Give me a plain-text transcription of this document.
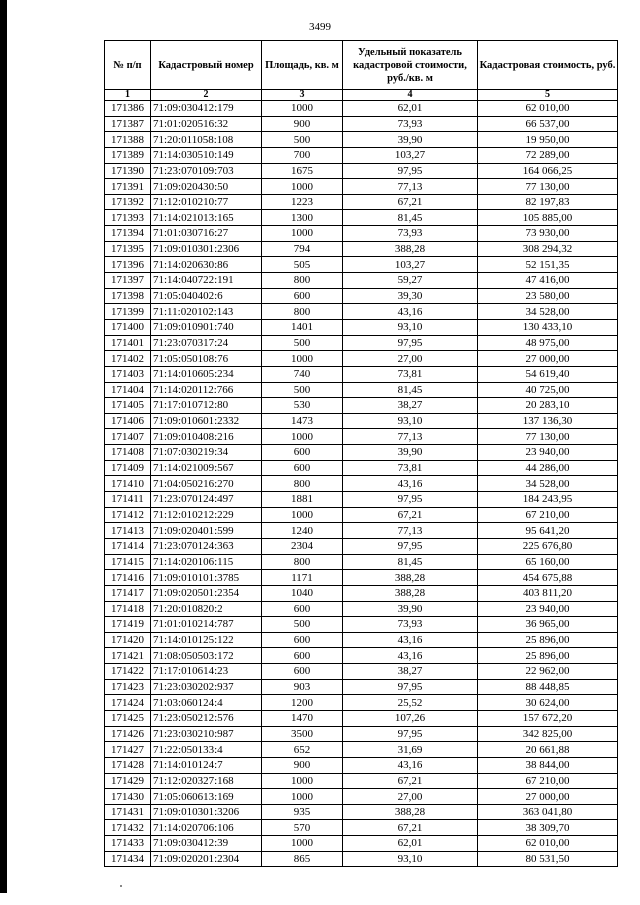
3499
№ п/п	Кадастровый номер	Площадь, кв. м	Удельный показатель кадастровой стоимости, руб./кв. м	Кадастровая стоимость, руб.
1	2	3	4	5
171386	71:09:030412:179	1000	62,01	62 010,00
171387	71:01:020516:32	900	73,93	66 537,00
171388	71:20:011058:108	500	39,90	19 950,00
171389	71:14:030510:149	700	103,27	72 289,00
171390	71:23:070109:703	1675	97,95	164 066,25
171391	71:09:020430:50	1000	77,13	77 130,00
171392	71:12:010210:77	1223	67,21	82 197,83
171393	71:14:021013:165	1300	81,45	105 885,00
171394	71:01:030716:27	1000	73,93	73 930,00
171395	71:09:010301:2306	794	388,28	308 294,32
171396	71:14:020630:86	505	103,27	52 151,35
171397	71:14:040722:191	800	59,27	47 416,00
171398	71:05:040402:6	600	39,30	23 580,00
171399	71:11:020102:143	800	43,16	34 528,00
171400	71:09:010901:740	1401	93,10	130 433,10
171401	71:23:070317:24	500	97,95	48 975,00
171402	71:05:050108:76	1000	27,00	27 000,00
171403	71:14:010605:234	740	73,81	54 619,40
171404	71:14:020112:766	500	81,45	40 725,00
171405	71:17:010712:80	530	38,27	20 283,10
171406	71:09:010601:2332	1473	93,10	137 136,30
171407	71:09:010408:216	1000	77,13	77 130,00
171408	71:07:030219:34	600	39,90	23 940,00
171409	71:14:021009:567	600	73,81	44 286,00
171410	71:04:050216:270	800	43,16	34 528,00
171411	71:23:070124:497	1881	97,95	184 243,95
171412	71:12:010212:229	1000	67,21	67 210,00
171413	71:09:020401:599	1240	77,13	95 641,20
171414	71:23:070124:363	2304	97,95	225 676,80
171415	71:14:020106:115	800	81,45	65 160,00
171416	71:09:010101:3785	1171	388,28	454 675,88
171417	71:09:020501:2354	1040	388,28	403 811,20
171418	71:20:010820:2	600	39,90	23 940,00
171419	71:01:010214:787	500	73,93	36 965,00
171420	71:14:010125:122	600	43,16	25 896,00
171421	71:08:050503:172	600	43,16	25 896,00
171422	71:17:010614:23	600	38,27	22 962,00
171423	71:23:030202:937	903	97,95	88 448,85
171424	71:03:060124:4	1200	25,52	30 624,00
171425	71:23:050212:576	1470	107,26	157 672,20
171426	71:23:030210:987	3500	97,95	342 825,00
171427	71:22:050133:4	652	31,69	20 661,88
171428	71:14:010124:7	900	43,16	38 844,00
171429	71:12:020327:168	1000	67,21	67 210,00
171430	71:05:060613:169	1000	27,00	27 000,00
171431	71:09:010301:3206	935	388,28	363 041,80
171432	71:14:020706:106	570	67,21	38 309,70
171433	71:09:030412:39	1000	62,01	62 010,00
171434	71:09:020201:2304	865	93,10	80 531,50
